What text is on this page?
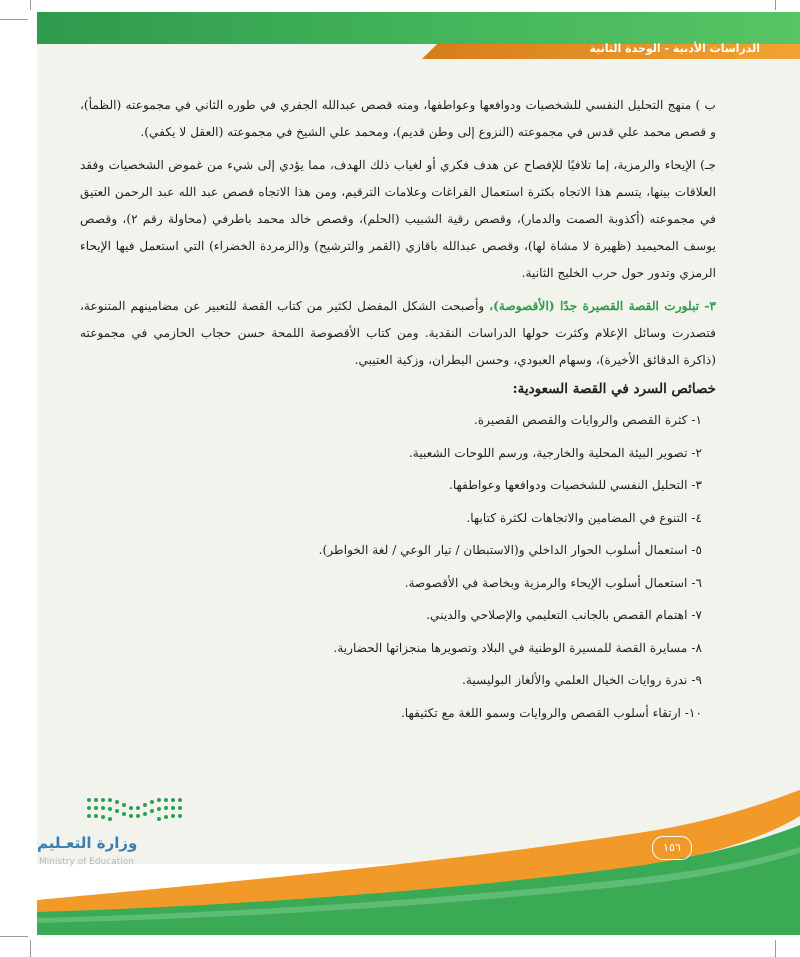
الدراسات الأدبية - الوحدة الثانية

ب ) منهج التحليل النفسي للشخصيات ودوافعها وعواطفها، ومنه قصص عبدالله الجفري في طوره الثاني في مجموعته (الظمأ)، و قصص محمد علي قدس في مجموعته (النزوع إلى وطن قديم)، ومحمد علي الشيخ في مجموعته (العقل لا يكفي).

جـ) الإيحاء والرمزية، إما تلافيًا للإفصاح عن هدف فكري أو لغياب ذلك الهدف، مما يؤدي إلى شيء من غموض الشخصيات وفقد العلاقات بينها، يتسم هذا الاتجاه بكثرة استعمال الفراغات وعلامات الترقيم، ومن هذا الاتجاه قصص عبد الله عبد الرحمن العتيق في مجموعته (أكذوبة الصمت والدمار)، وقصص رقية الشبيب (الحلم)، وقصص خالد محمد باطرفي (محاولة رقم ٢)، وقصص يوسف المحيميد (ظهيرة لا مشاة لها)، وقصص عبدالله باقازي (القمر والترشيح) و(الزمردة الخضراء) التي استعمل فيها الإيحاء الرمزي وتدور حول حرب الخليج الثانية.

٣- تبلورت القصة القصيرة جدًا (الأقصوصة)، وأصبحت الشكل المفضل لكثير من كتاب القصة للتعبير عن مضامينهم المتنوعة، فتصدرت وسائل الإعلام وكثرت حولها الدراسات النقدية. ومن كتاب الأقصوصة اللمحة حسن حجاب الحازمي في مجموعته (ذاكرة الدقائق الأخيرة)، وسهام العبودي، وحسن البطران، وزكية العتيبي.

خصائص السرد في القصة السعودية:

١- كثرة القصص والروايات والقصص القصيرة.
٢- تصوير البيئة المحلية والخارجية، ورسم اللوحات الشعبية.
٣- التحليل النفسي للشخصيات ودوافعها وعواطفها.
٤- التنوع في المضامين والاتجاهات لكثرة كتابها.
٥- استعمال أسلوب الحوار الداخلي و(الاستبطان / تيار الوعي / لغة الخواطر).
٦- استعمال أسلوب الإيحاء والرمزية وبخاصة في الأقصوصة.
٧- اهتمام القصص بالجانب التعليمي والإصلاحي والديني.
٨- مسايرة القصة للمسيرة الوطنية في البلاد وتصويرها منجزاتها الحضارية.
٩- ندرة روايات الخيال العلمي والألغاز البوليسية.
١٠- ارتقاء أسلوب القصص والروايات وسمو اللغة مع تكثيفها.
١٥٦
وزارة التعـليم
Ministry of Education
